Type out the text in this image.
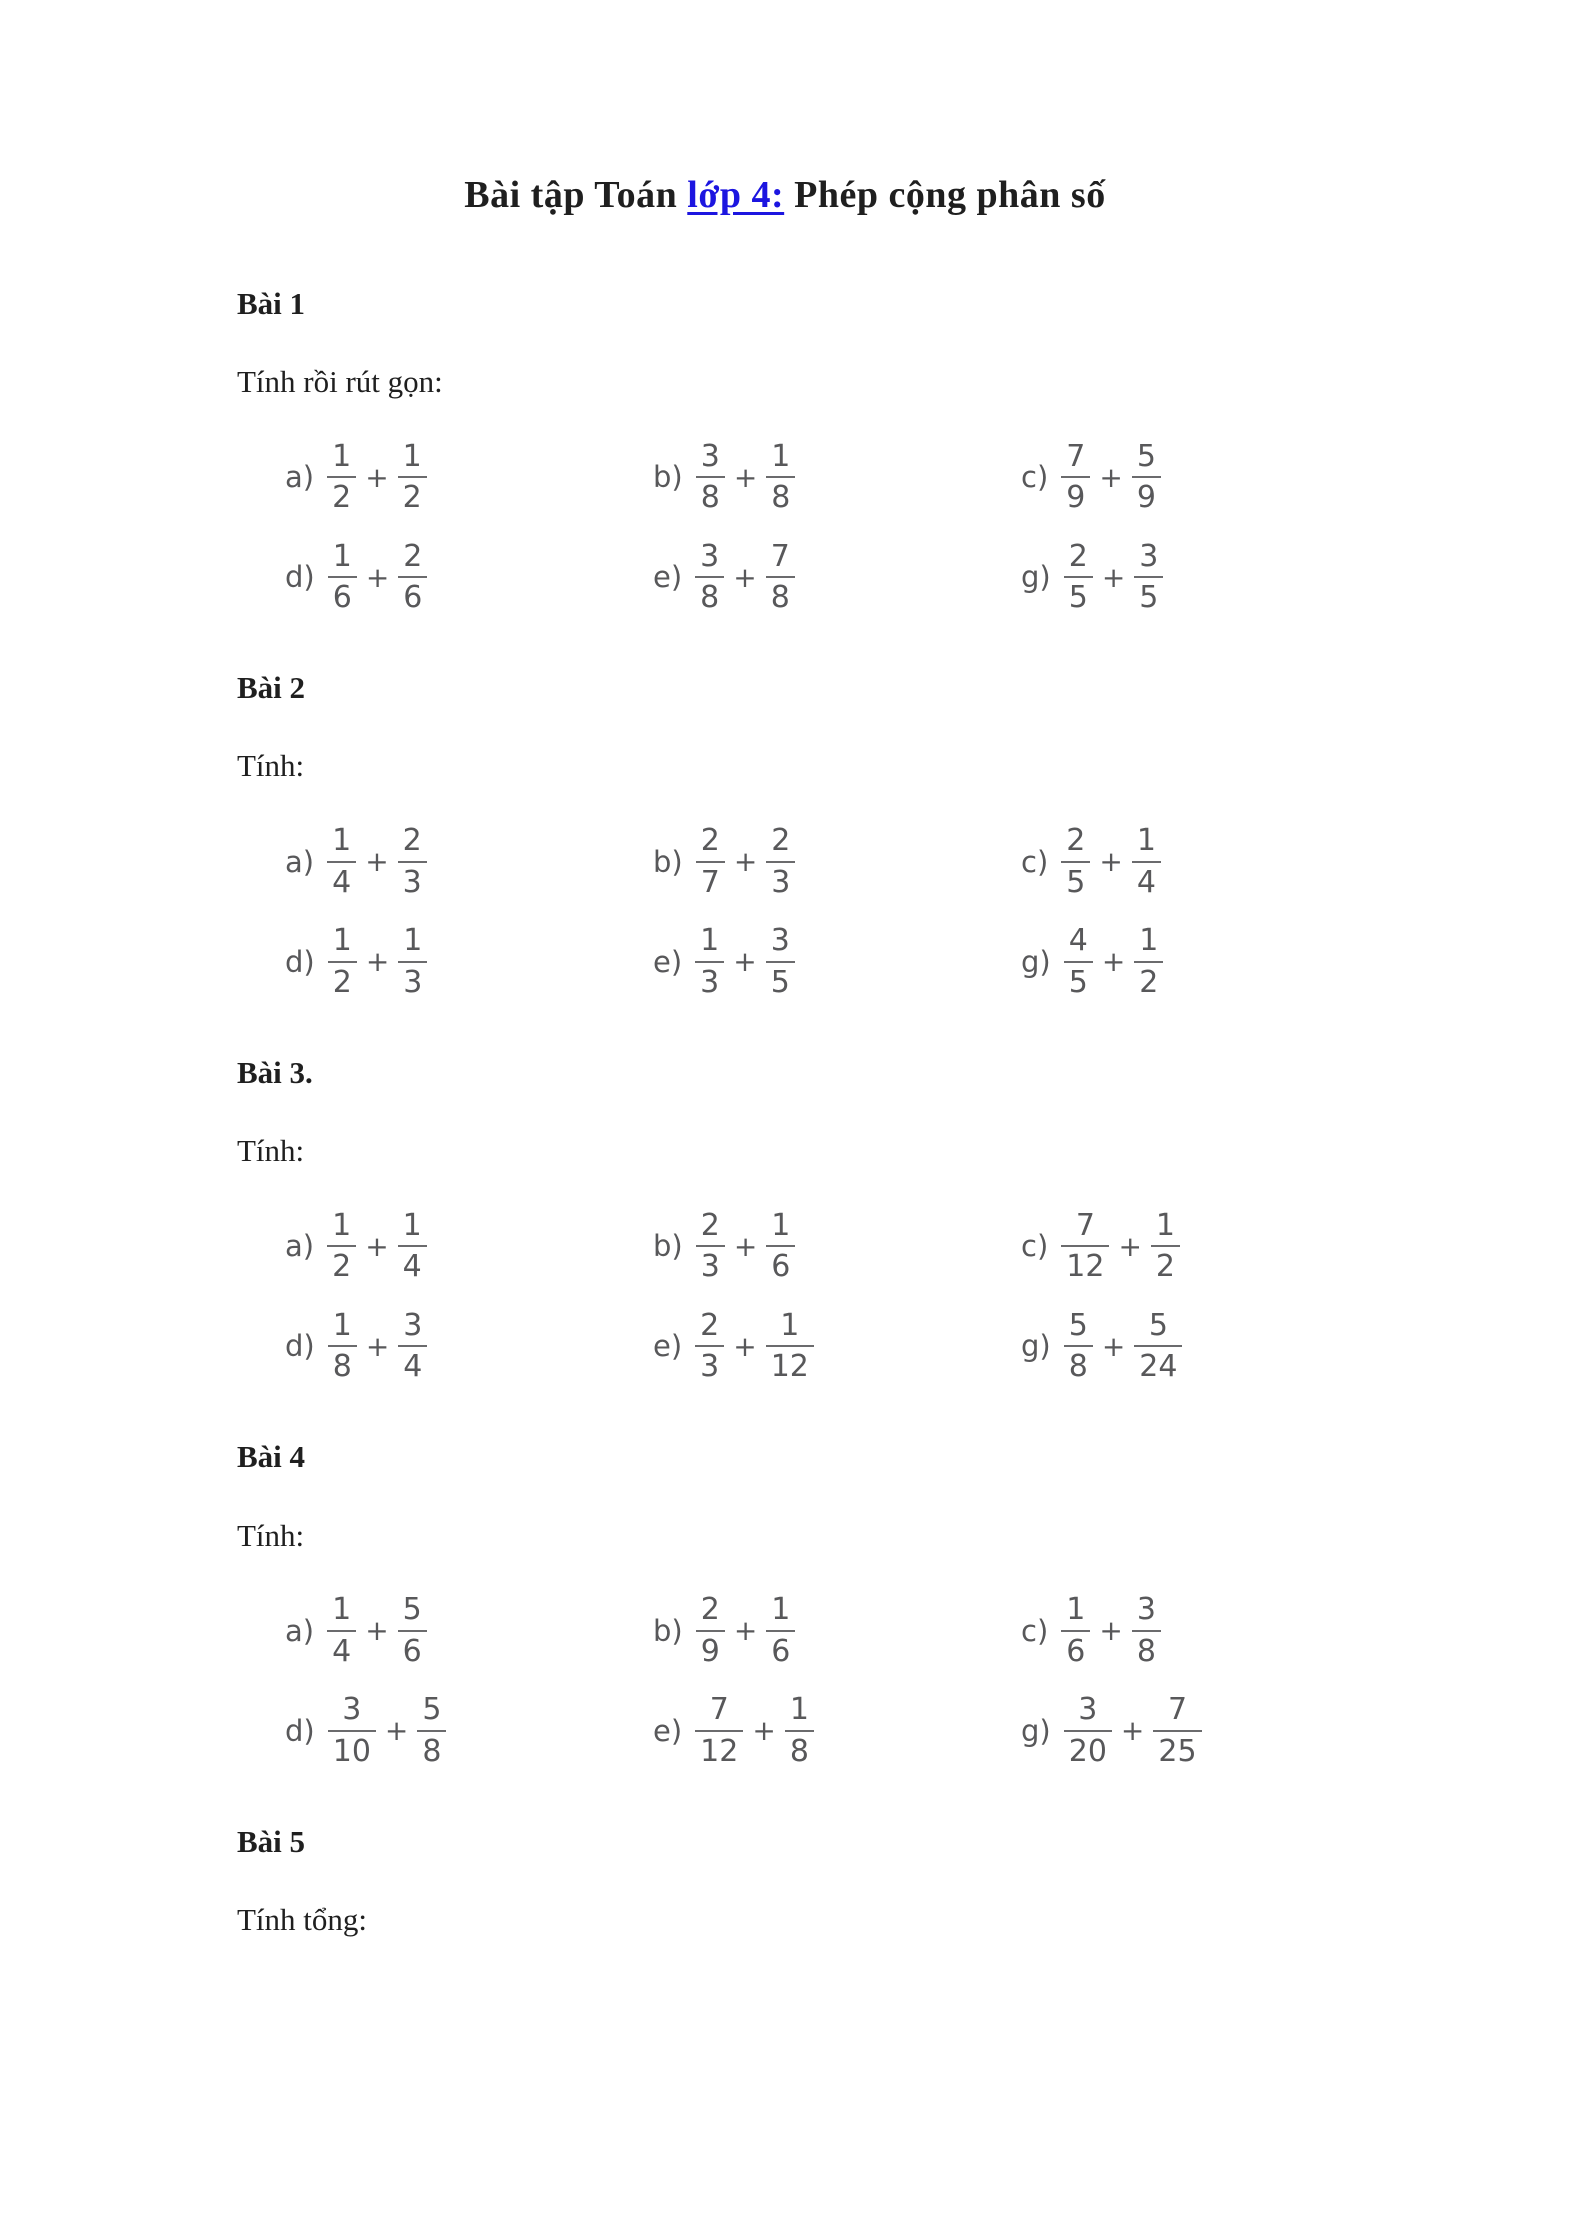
Bài tập Toán lớp 4: Phép cộng phân số
Bài 1

Tính rồi rút gọn:

$a) \frac{1}{2} + \frac{1}{2}$	$b) \frac{3}{8} + \frac{1}{8}$	$c) \frac{7}{9} + \frac{5}{9}$
$d) \frac{1}{6} + \frac{2}{6}$	$e) \frac{3}{8} + \frac{7}{8}$	$g) \frac{2}{5} + \frac{3}{5}$
Bài 2

Tính:

$a) \frac{1}{4} + \frac{2}{3}$	$b) \frac{2}{7} + \frac{2}{3}$	$c) \frac{2}{5} + \frac{1}{4}$
$d) \frac{1}{2} + \frac{1}{3}$	$e) \frac{1}{3} + \frac{3}{5}$	$g) \frac{4}{5} + \frac{1}{2}$
Bài 3.

Tính:

$a) \frac{1}{2} + \frac{1}{4}$	$b) \frac{2}{3} + \frac{1}{6}$	$c) \frac{7}{12} + \frac{1}{2}$
$d) \frac{1}{8} + \frac{3}{4}$	$e) \frac{2}{3} + \frac{1}{12}$	$g) \frac{5}{8} + \frac{5}{24}$
Bài 4

Tính:

$a) \frac{1}{4} + \frac{5}{6}$	$b) \frac{2}{9} + \frac{1}{6}$	$c) \frac{1}{6} + \frac{3}{8}$
$d) \frac{3}{10} + \frac{5}{8}$	$e) \frac{7}{12} + \frac{1}{8}$	$g) \frac{3}{20} + \frac{7}{25}$
Bài 5

Tính tổng:
